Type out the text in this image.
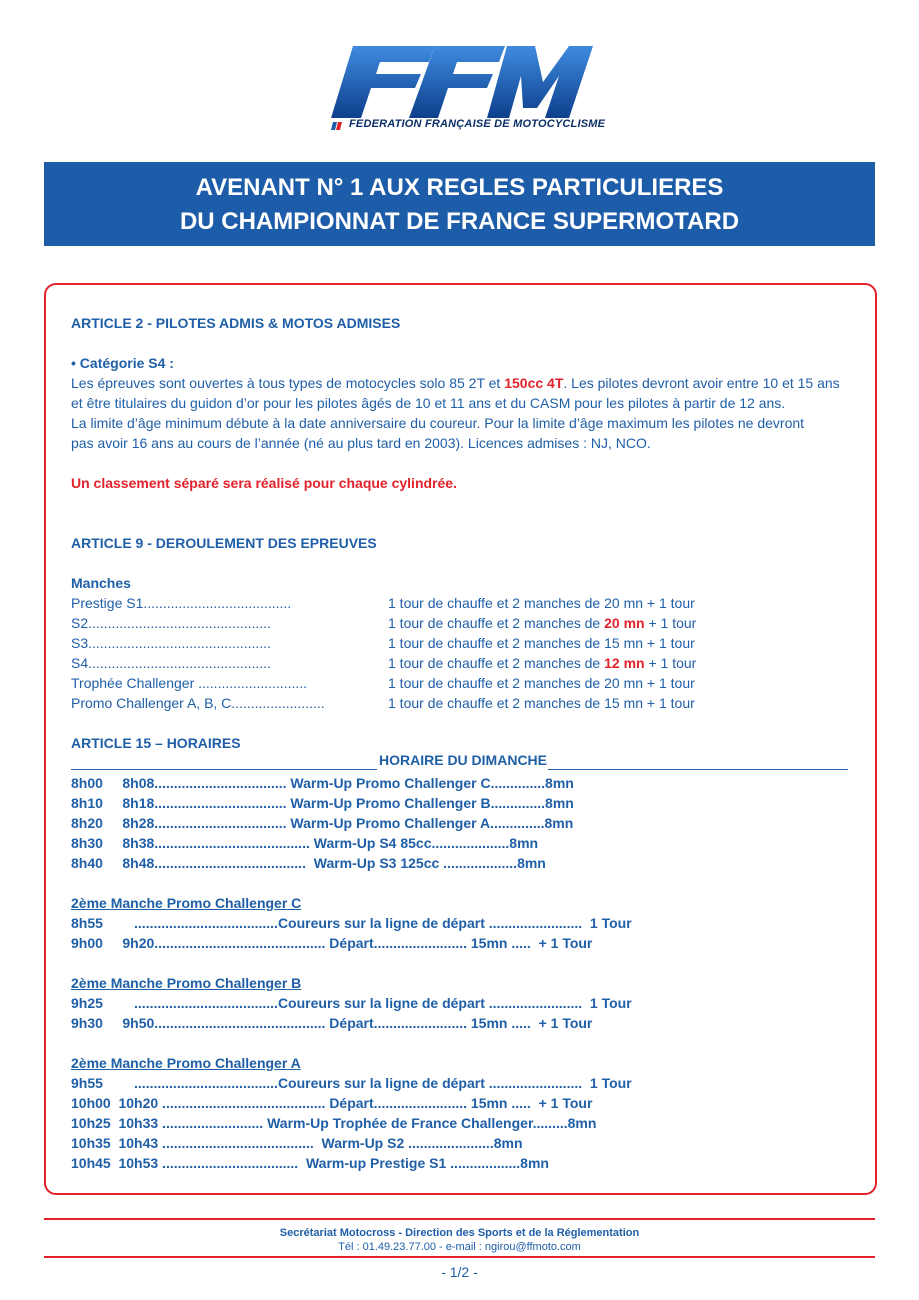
FEDERATION FRANÇAISE DE MOTOCYCLISME
AVENANT N° 1 AUX REGLES PARTICULIERES
DU CHAMPIONNAT DE FRANCE SUPERMOTARD
ARTICLE 2 - PILOTES ADMIS & MOTOS ADMISES
• Catégorie S4 :
Les épreuves sont ouvertes à tous types de motocycles solo 85 2T et 150cc 4T. Les pilotes devront avoir entre 10 et 15 ans
et être titulaires du guidon d’or pour les pilotes âgés de 10 et 11 ans et du CASM pour les pilotes à partir de 12 ans.
La limite d’âge minimum débute à la date anniversaire du coureur. Pour la limite d’âge maximum les pilotes ne devront
pas avoir 16 ans au cours de l’année (né au plus tard en 2003). Licences admises : NJ, NCO.
Un classement séparé sera réalisé pour chaque cylindrée.
ARTICLE 9 - DEROULEMENT DES EPREUVES
Manches
Prestige S1......................................	1 tour de chauffe et 2 manches de 20 mn + 1 tour
S2...............................................	1 tour de chauffe et 2 manches de 20 mn + 1 tour
S3...............................................	1 tour de chauffe et 2 manches de 15 mn + 1 tour
S4...............................................	1 tour de chauffe et 2 manches de 12 mn + 1 tour
Trophée Challenger ............................	1 tour de chauffe et 2 manches de 20 mn + 1 tour
Promo Challenger A, B, C........................	1 tour de chauffe et 2 manches de 15 mn + 1 tour
ARTICLE 15 – HORAIRES
HORAIRE DU DIMANCHE
8h00     8h08.................................. Warm-Up Promo Challenger C..............8mn
8h10     8h18.................................. Warm-Up Promo Challenger B..............8mn
8h20     8h28.................................. Warm-Up Promo Challenger A..............8mn
8h30     8h38........................................ Warm-Up S4 85cc....................8mn
8h40     8h48.......................................  Warm-Up S3 125cc ...................8mn
2ème Manche Promo Challenger C
8h55        .....................................Coureurs sur la ligne de départ ........................  1 Tour
9h00     9h20............................................ Départ........................ 15mn .....  + 1 Tour
2ème Manche Promo Challenger B
9h25        .....................................Coureurs sur la ligne de départ ........................  1 Tour
9h30     9h50............................................ Départ........................ 15mn .....  + 1 Tour
2ème Manche Promo Challenger A
9h55        .....................................Coureurs sur la ligne de départ ........................  1 Tour
10h00  10h20 .......................................... Départ........................ 15mn .....  + 1 Tour
10h25  10h33 .......................... Warm-Up Trophée de France Challenger.........8mn
10h35  10h43 .......................................  Warm-Up S2 ......................8mn
10h45  10h53 ...................................  Warm-up Prestige S1 ..................8mn
Secrétariat Motocross - Direction des Sports et de la Réglementation
Tél : 01.49.23.77.00 - e-mail : ngirou@ffmoto.com
- 1/2 -
